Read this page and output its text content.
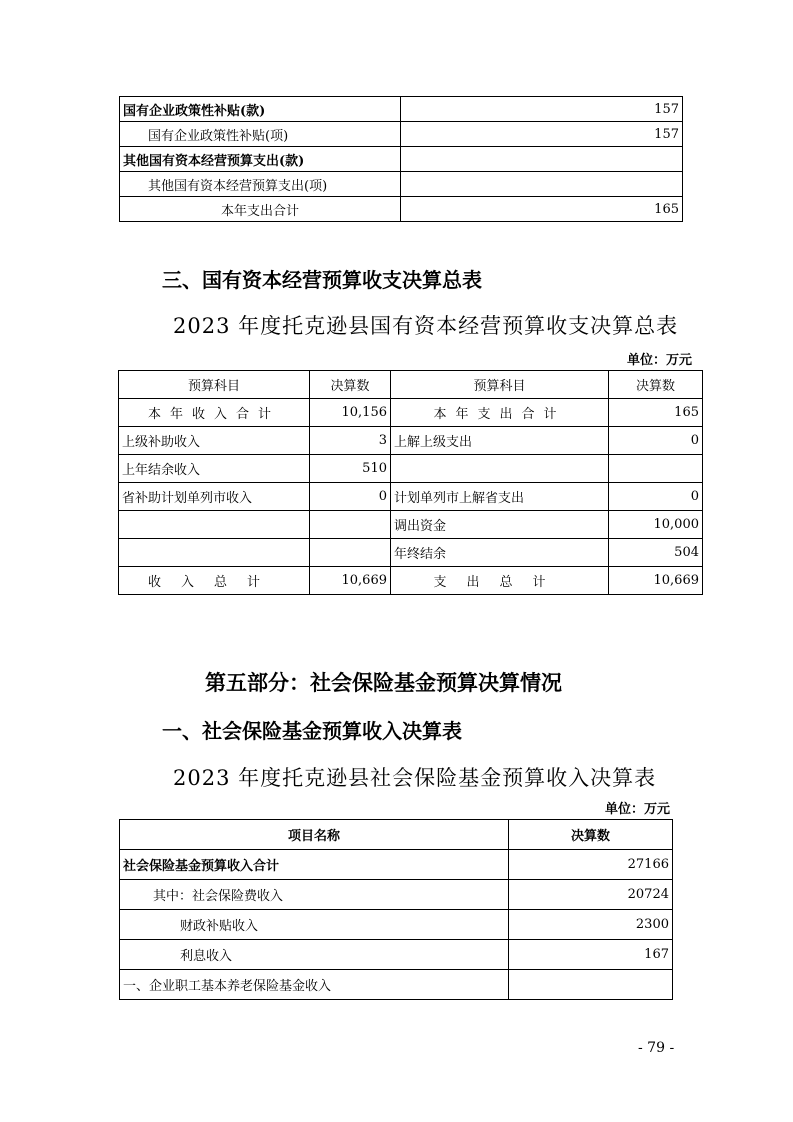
国有企业政策性补贴(款)	157
国有企业政策性补贴(项)	157
其他国有资本经营预算支出(款)	
其他国有资本经营预算支出(项)	
本年支出合计	165
三、国有资本经营预算收支决算总表
2023 年度托克逊县国有资本经营预算收支决算总表
单位：万元
预算科目	决算数	预算科目	决算数
本年收入合计	10,156	本年支出合计	165
上级补助收入	3	上解上级支出	0
上年结余收入	510		
省补助计划单列市收入	0	计划单列市上解省支出	0
		调出资金	10,000
		年终结余	504
收入总计	10,669	支出总计	10,669
第五部分：社会保险基金预算决算情况
一、社会保险基金预算收入决算表
2023 年度托克逊县社会保险基金预算收入决算表
单位：万元
项目名称	决算数
社会保险基金预算收入合计	27166
其中：社会保险费收入	20724
财政补贴收入	2300
利息收入	167
一、企业职工基本养老保险基金收入	
- 79 -
